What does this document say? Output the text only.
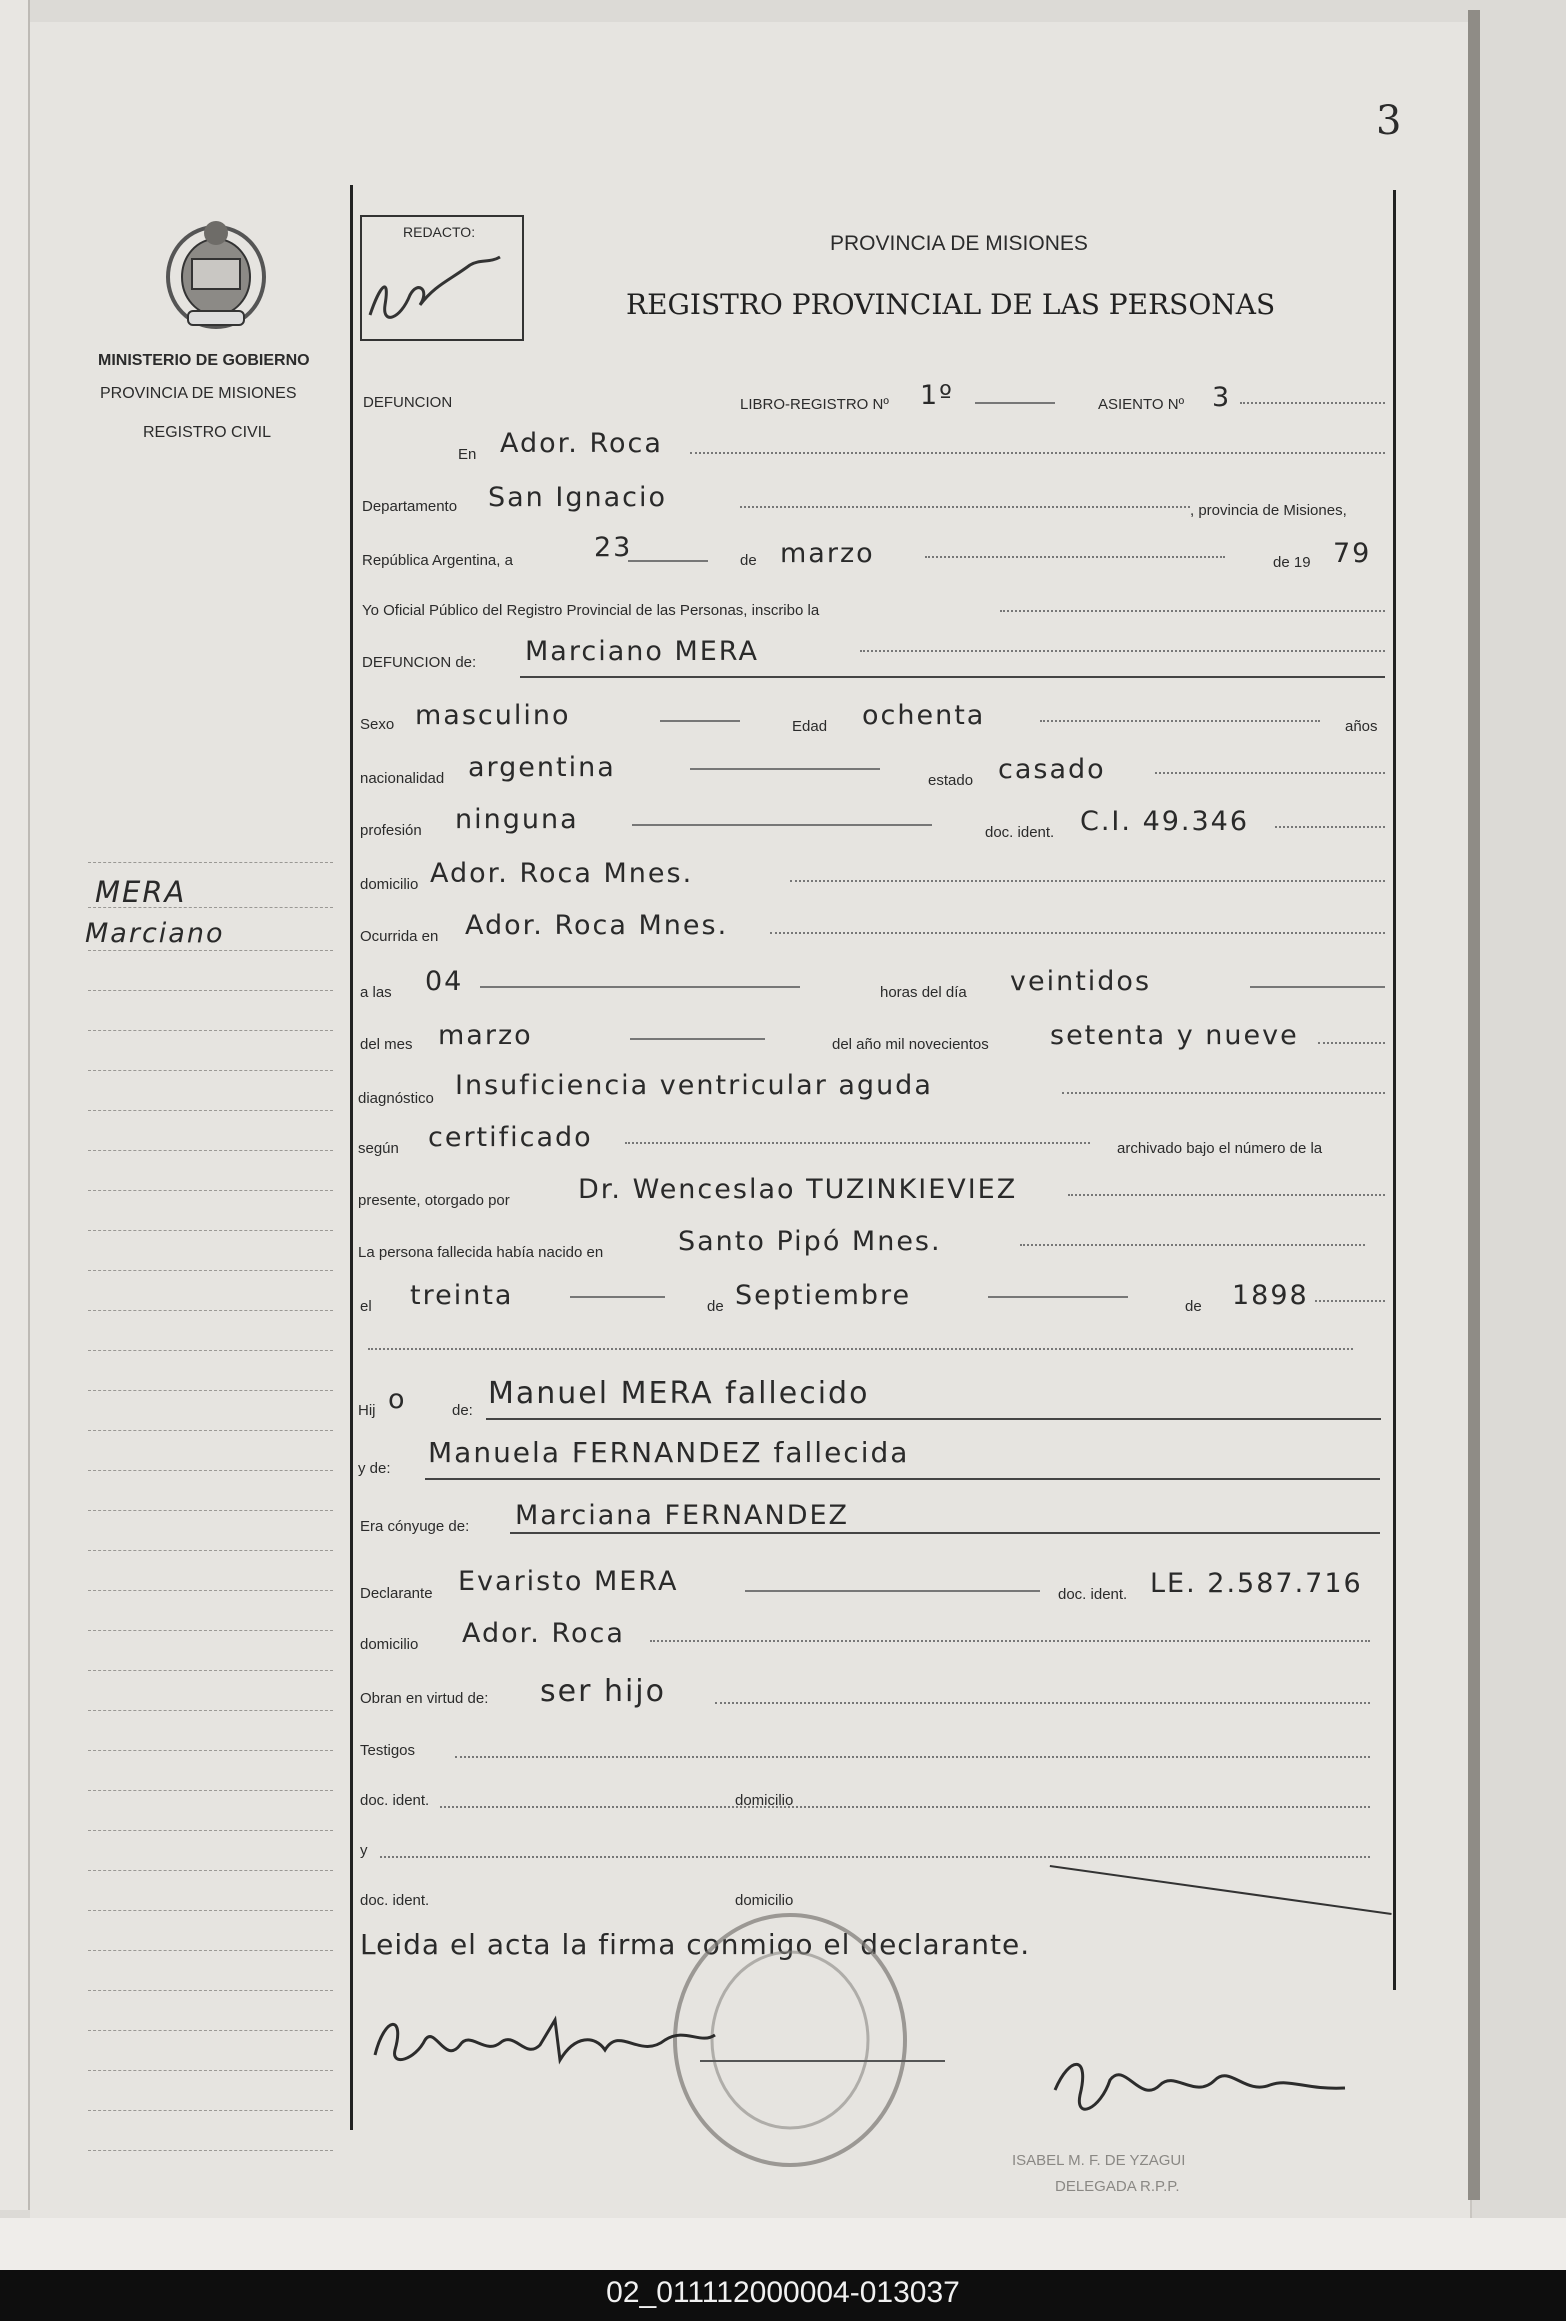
3
MINISTERIO DE GOBIERNO
PROVINCIA DE MISIONES
REGISTRO CIVIL
REDACTO:	PROVINCIA DE MISIONES
REGISTRO PROVINCIAL DE LAS PERSONAS
MERA
Marciano
DEFUNCION	LIBRO-REGISTRO Nº 1º	ASIENTO Nº 3
En Ador. Roca
Departamento San Ignacio	, provincia de Misiones,
República Argentina, a	23	de marzo	de 19 79
Yo Oficial Público del Registro Provincial de las Personas, inscribo la
DEFUNCION de: Marciano MERA
Sexo masculino	Edad ochenta	años
nacionalidad argentina	estado casado
profesión ninguna	doc. ident. C.I. 49.346
domicilio Ador. Roca Mnes.
Ocurrida en Ador. Roca Mnes.
a las 04	horas del día veintidos
del mes marzo	del año mil novecientos setenta y nueve
diagnóstico Insuficiencia ventricular aguda
según certificado	archivado bajo el número de la
presente, otorgado por	Dr. Wenceslao TUZINKIEVIEZ
La persona fallecida había nacido en	Santo Pipó Mnes.
el treinta	de Septiembre	de 1898
Hij o	de: Manuel MERA fallecido
y de: Manuela FERNANDEZ fallecida
Era cónyuge de: Marciana FERNANDEZ
Declarante Evaristo MERA	doc. ident. LE. 2.587.716
domicilio Ador. Roca
Obran en virtud de: ser hijo
Testigos
doc. ident.	domicilio
y
doc. ident.	domicilio
Leida el acta la firma conmigo el declarante.
ISABEL M. F. DE YZAGUI
DELEGADA R.P.P.
02_011112000004-013037
